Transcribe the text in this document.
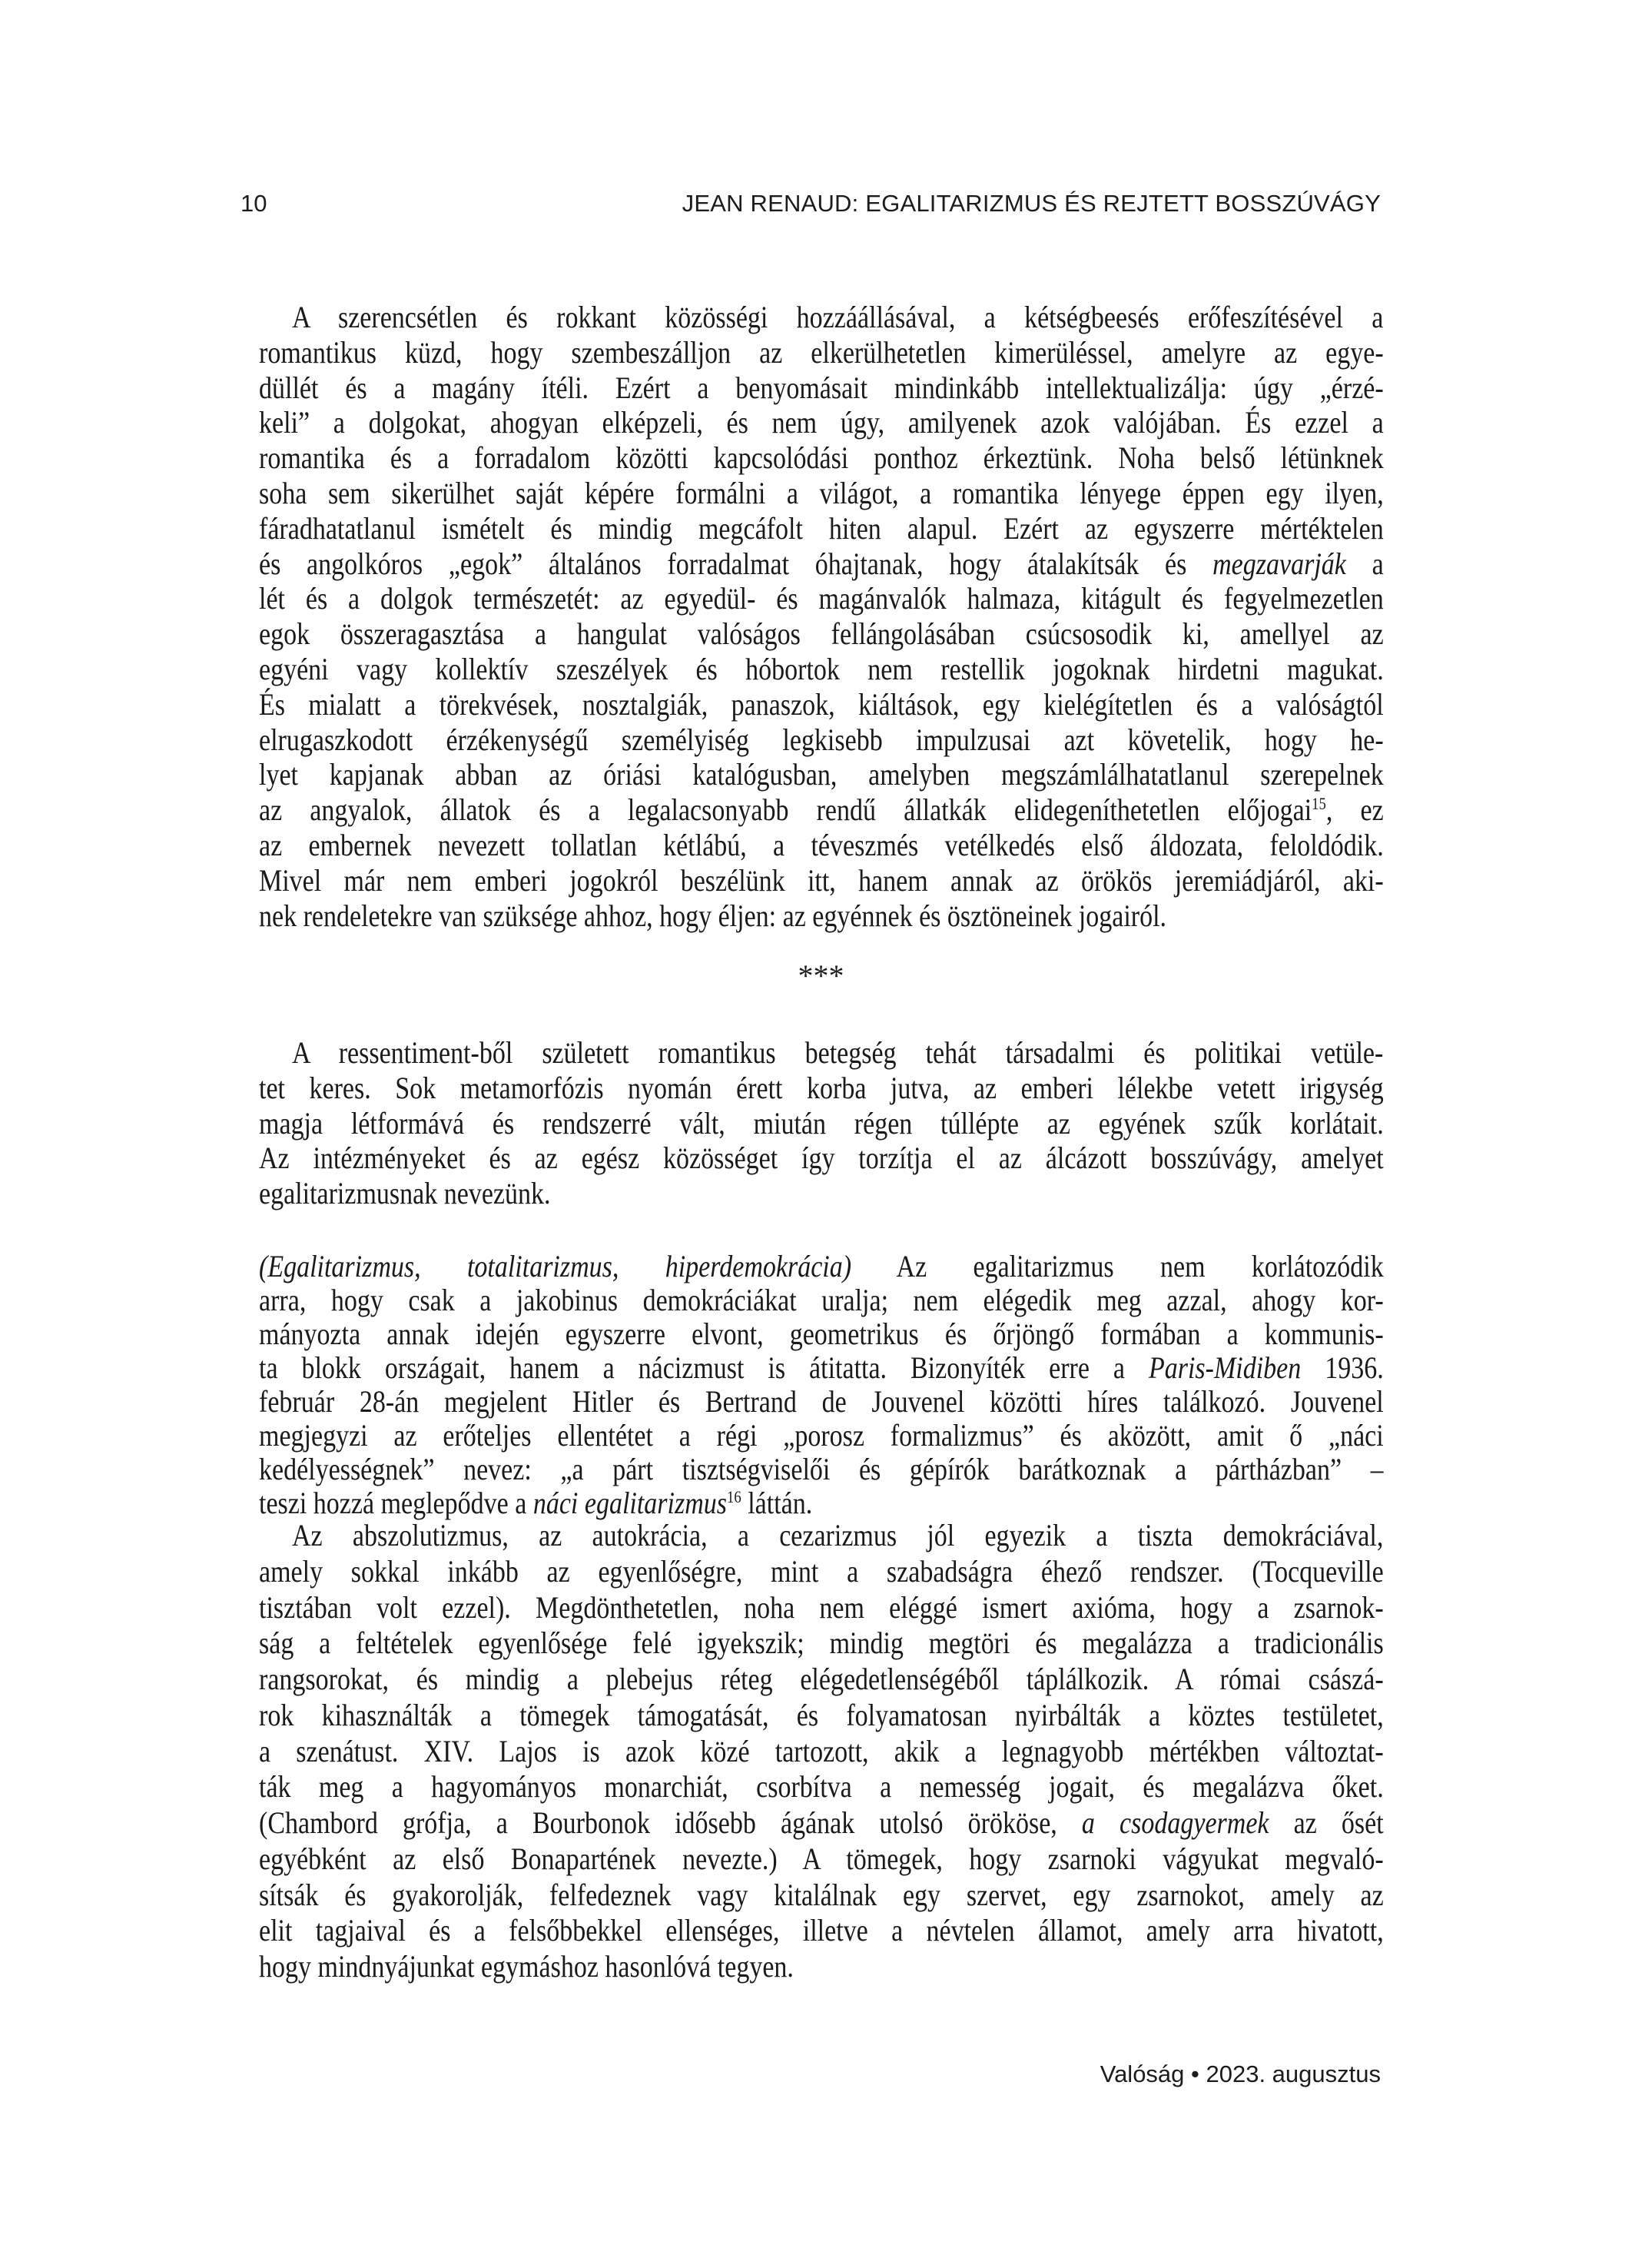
10	JEAN RENAUD: EGALITARIZMUS ÉS REJTETT BOSSZÚVÁGY
A szerencsétlen és rokkant közösségi hozzáállásával, a kétségbeesés erőfeszítésével a
romantikus küzd, hogy szembeszálljon az elkerülhetetlen kimerüléssel, amelyre az egye-
düllét és a magány ítéli. Ezért a benyomásait mindinkább intellektualizálja: úgy „érzé-
keli” a dolgokat, ahogyan elképzeli, és nem úgy, amilyenek azok valójában. És ezzel a
romantika és a forradalom közötti kapcsolódási ponthoz érkeztünk. Noha belső létünknek
soha sem sikerülhet saját képére formálni a világot, a romantika lényege éppen egy ilyen,
fáradhatatlanul ismételt és mindig megcáfolt hiten alapul. Ezért az egyszerre mértéktelen
és angolkóros „egok” általános forradalmat óhajtanak, hogy átalakítsák és megzavarják a
lét és a dolgok természetét: az egyedül- és magánvalók halmaza, kitágult és fegyelmezetlen
egok összeragasztása a hangulat valóságos fellángolásában csúcsosodik ki, amellyel az
egyéni vagy kollektív szeszélyek és hóbortok nem restellik jogoknak hirdetni magukat.
És mialatt a törekvések, nosztalgiák, panaszok, kiáltások, egy kielégítetlen és a valóságtól
elrugaszkodott érzékenységű személyiség legkisebb impulzusai azt követelik, hogy he-
lyet kapjanak abban az óriási katalógusban, amelyben megszámlálhatatlanul szerepelnek
az angyalok, állatok és a legalacsonyabb rendű állatkák elidegeníthetetlen előjogai$^{15}$, ez
az embernek nevezett tollatlan kétlábú, a téveszmés vetélkedés első áldozata, feloldódik.
Mivel már nem emberi jogokról beszélünk itt, hanem annak az örökös jeremiádjáról, aki-
nek rendeletekre van szüksége ahhoz, hogy éljen: az egyénnek és ösztöneinek jogairól.
A ressentiment-ből született romantikus betegség tehát társadalmi és politikai vetüle-
tet keres. Sok metamorfózis nyomán érett korba jutva, az emberi lélekbe vetett irigység
magja létformává és rendszerré vált, miután régen túllépte az egyének szűk korlátait.
Az intézményeket és az egész közösséget így torzítja el az álcázott bosszúvágy, amelyet
egalitarizmusnak nevezünk.
(Egalitarizmus, totalitarizmus, hiperdemokrácia) Az egalitarizmus nem korlátozódik
arra, hogy csak a jakobinus demokráciákat uralja; nem elégedik meg azzal, ahogy kor-
mányozta annak idején egyszerre elvont, geometrikus és őrjöngő formában a kommunis-
ta blokk országait, hanem a nácizmust is átitatta. Bizonyíték erre a Paris-Midiben 1936.
február 28-án megjelent Hitler és Bertrand de Jouvenel közötti híres találkozó. Jouvenel
megjegyzi az erőteljes ellentétet a régi „porosz formalizmus” és aközött, amit ő „náci
kedélyességnek” nevez: „a párt tisztségviselői és gépírók barátkoznak a pártházban” –
teszi hozzá meglepődve a náci egalitarizmus$^{16}$ láttán.
Az abszolutizmus, az autokrácia, a cezarizmus jól egyezik a tiszta demokráciával,
amely sokkal inkább az egyenlőségre, mint a szabadságra éhező rendszer. (Tocqueville
tisztában volt ezzel). Megdönthetetlen, noha nem eléggé ismert axióma, hogy a zsarnok-
ság a feltételek egyenlősége felé igyekszik; mindig megtöri és megalázza a tradicionális
rangsorokat, és mindig a plebejus réteg elégedetlenségéből táplálkozik. A római császá-
rok kihasználták a tömegek támogatását, és folyamatosan nyirbálták a köztes testületet,
a szenátust. XIV. Lajos is azok közé tartozott, akik a legnagyobb mértékben változtat-
ták meg a hagyományos monarchiát, csorbítva a nemesség jogait, és megalázva őket.
(Chambord grófja, a Bourbonok idősebb ágának utolsó örököse, a csodagyermek az ősét
egyébként az első Bonapartének nevezte.) A tömegek, hogy zsarnoki vágyukat megvaló-
sítsák és gyakorolják, felfedeznek vagy kitalálnak egy szervet, egy zsarnokot, amely az
elit tagjaival és a felsőbbekkel ellenséges, illetve a névtelen államot, amely arra hivatott,
hogy mindnyájunkat egymáshoz hasonlóvá tegyen.
***
Valóság • 2023. augusztus
